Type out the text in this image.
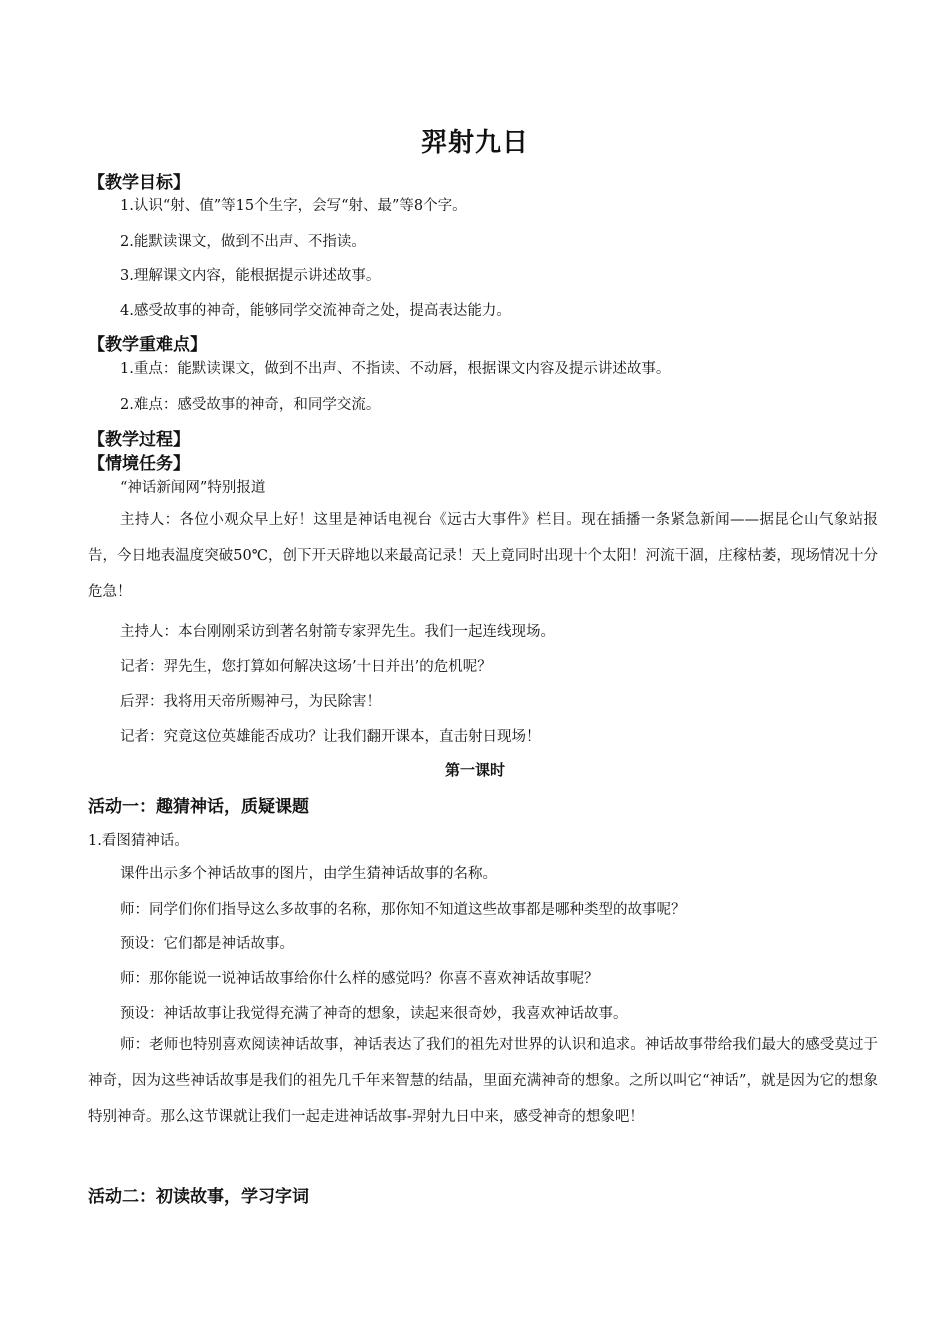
羿射九日
【教学目标】
1.认识“射、值”等15个生字，会写“射、最”等8个字。
2.能默读课文，做到不出声、不指读。
3.理解课文内容，能根据提示讲述故事。
4.感受故事的神奇，能够同学交流神奇之处，提高表达能力。
【教学重难点】
1.重点：能默读课文，做到不出声、不指读、不动唇，根据课文内容及提示讲述故事。
2.难点：感受故事的神奇，和同学交流。
【教学过程】
【情境任务】
“神话新闻网”特别报道
主持人：各位小观众早上好！这里是神话电视台《远古大事件》栏目。现在插播一条紧急新闻——据昆仑山气象站报告，今日地表温度突破50℃，创下开天辟地以来最高记录！天上竟同时出现十个太阳！河流干涸，庄稼枯萎，现场情况十分危急！
主持人：本台刚刚采访到著名射箭专家羿先生。我们一起连线现场。
记者：羿先生，您打算如何解决这场’十日并出’的危机呢？
后羿：我将用天帝所赐神弓，为民除害！
记者：究竟这位英雄能否成功？让我们翻开课本，直击射日现场！
第一课时
活动一：趣猜神话，质疑课题
1.看图猜神话。
课件出示多个神话故事的图片，由学生猜神话故事的名称。
师：同学们你们指导这么多故事的名称，那你知不知道这些故事都是哪种类型的故事呢？
预设：它们都是神话故事。
师：那你能说一说神话故事给你什么样的感觉吗？你喜不喜欢神话故事呢？
预设：神话故事让我觉得充满了神奇的想象，读起来很奇妙，我喜欢神话故事。
师：老师也特别喜欢阅读神话故事，神话表达了我们的祖先对世界的认识和追求。神话故事带给我们最大的感受莫过于神奇，因为这些神话故事是我们的祖先几千年来智慧的结晶，里面充满神奇的想象。之所以叫它“神话”，就是因为它的想象特别神奇。那么这节课就让我们一起走进神话故事-羿射九日中来，感受神奇的想象吧！
活动二：初读故事，学习字词
